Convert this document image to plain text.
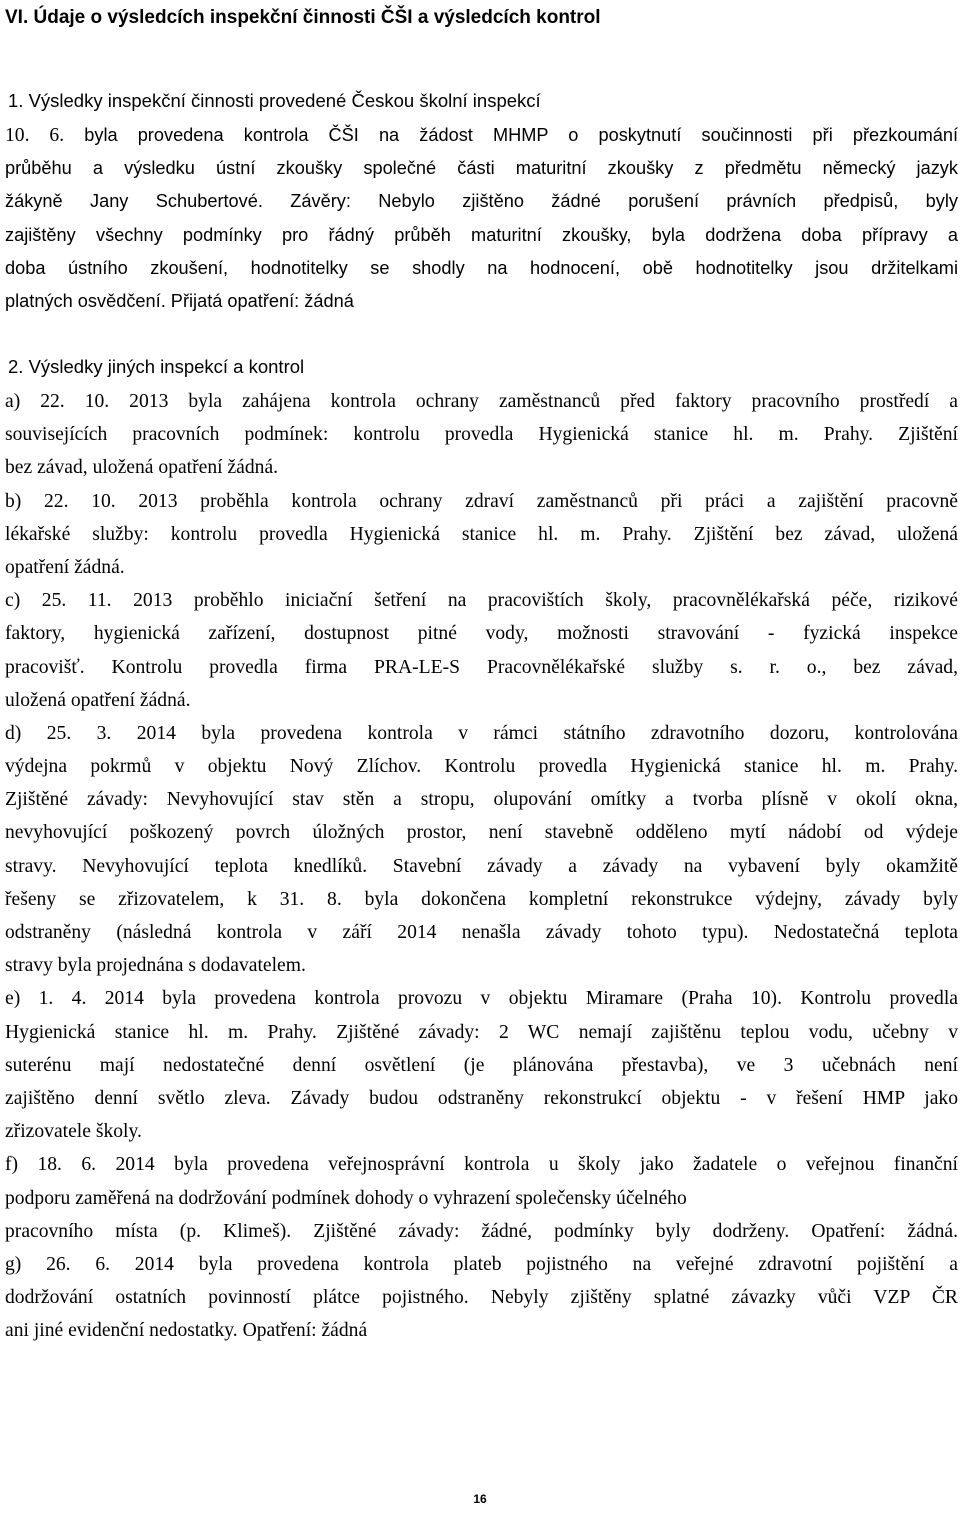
VI. Údaje o výsledcích inspekční činnosti ČŠI a výsledcích kontrol
1. Výsledky inspekční činnosti provedené Českou školní inspekcí
10. 6. byla provedena kontrola ČŠI na žádost MHMP o poskytnutí součinnosti při přezkoumání
průběhu a výsledku ústní zkoušky společné části maturitní zkoušky z předmětu německý jazyk
žákyně Jany Schubertové. Závěry: Nebylo zjištěno žádné porušení právních předpisů, byly
zajištěny všechny podmínky pro řádný průběh maturitní zkoušky, byla dodržena doba přípravy a
doba ústního zkoušení, hodnotitelky se shodly na hodnocení, obě hodnotitelky jsou držitelkami
platných osvědčení. Přijatá opatření: žádná
2. Výsledky jiných inspekcí a kontrol
a) 22. 10. 2013 byla zahájena kontrola ochrany zaměstnanců před faktory pracovního prostředí a
souvisejících pracovních podmínek: kontrolu provedla Hygienická stanice hl. m. Prahy. Zjištění
bez závad, uložená opatření žádná.
b) 22. 10. 2013 proběhla kontrola ochrany zdraví zaměstnanců při práci a zajištění pracovně
lékařské služby: kontrolu provedla Hygienická stanice hl. m. Prahy. Zjištění bez závad, uložená
opatření žádná.
c) 25. 11. 2013 proběhlo iniciační šetření na pracovištích školy, pracovnělékařská péče, rizikové
faktory, hygienická zařízení, dostupnost pitné vody, možnosti stravování - fyzická inspekce
pracovišť. Kontrolu provedla firma PRA-LE-S Pracovnělékařské služby s. r. o., bez závad,
uložená opatření žádná.
d) 25. 3. 2014 byla provedena kontrola v rámci státního zdravotního dozoru, kontrolována
výdejna pokrmů v objektu Nový Zlíchov. Kontrolu provedla Hygienická stanice hl. m. Prahy.
Zjištěné závady: Nevyhovující stav stěn a stropu, olupování omítky a tvorba plísně v okolí okna,
nevyhovující poškozený povrch úložných prostor, není stavebně odděleno mytí nádobí od výdeje
stravy. Nevyhovující teplota knedlíků. Stavební závady a závady na vybavení byly okamžitě
řešeny se zřizovatelem, k 31. 8. byla dokončena kompletní rekonstrukce výdejny, závady byly
odstraněny (následná kontrola v září 2014 nenašla závady tohoto typu). Nedostatečná teplota
stravy byla projednána s dodavatelem.
e) 1. 4. 2014 byla provedena kontrola provozu v objektu Miramare (Praha 10). Kontrolu provedla
Hygienická stanice hl. m. Prahy. Zjištěné závady: 2 WC nemají zajištěnu teplou vodu, učebny v
suterénu mají nedostatečné denní osvětlení (je plánována přestavba), ve 3 učebnách není
zajištěno denní světlo zleva. Závady budou odstraněny rekonstrukcí objektu - v řešení HMP jako
zřizovatele školy.
f) 18. 6. 2014 byla provedena veřejnosprávní kontrola u školy jako žadatele o veřejnou finanční
podporu zaměřená na dodržování podmínek dohody o vyhrazení společensky účelného
pracovního místa (p. Klimeš). Zjištěné závady: žádné, podmínky byly dodrženy. Opatření: žádná.
g) 26. 6. 2014 byla provedena kontrola plateb pojistného na veřejné zdravotní pojištění a
dodržování ostatních povinností plátce pojistného. Nebyly zjištěny splatné závazky vůči VZP ČR
ani jiné evidenční nedostatky. Opatření: žádná
16
